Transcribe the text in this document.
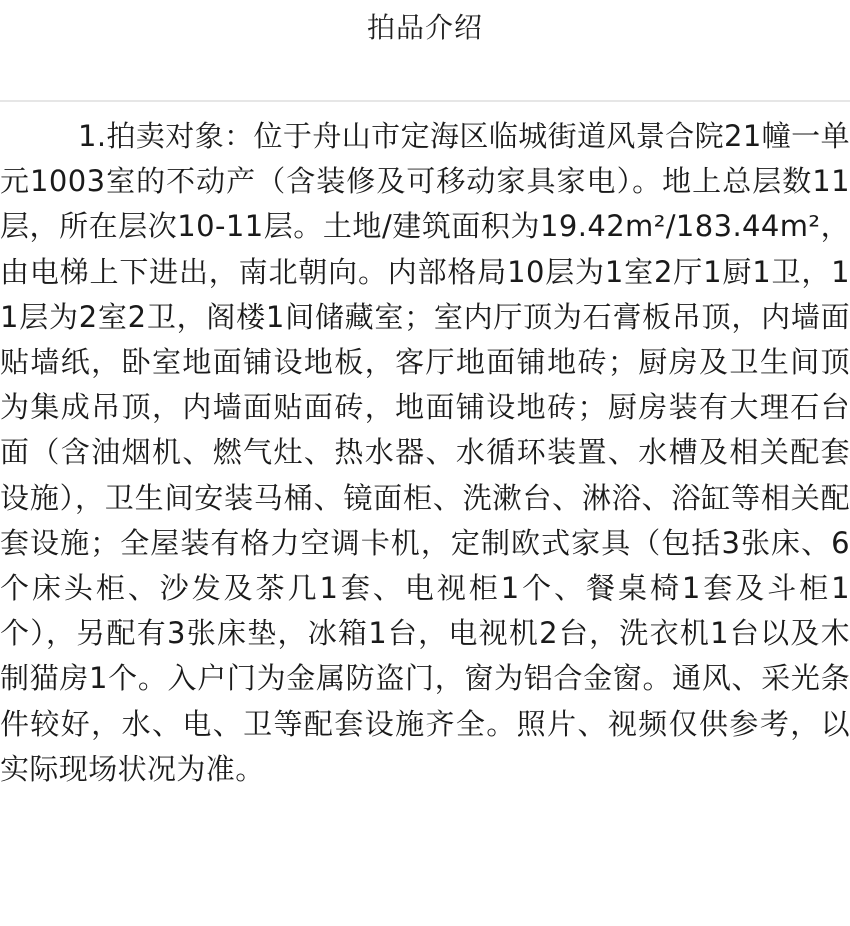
拍品介绍

1.拍卖对象：位于舟山市定海区临城街道风景合院21幢一单元1003室的不动产（含装修及可移动家具家电）。地上总层数11层，所在层次10-11层。土地/建筑面积为19.42m²/183.44m²，由电梯上下进出，南北朝向。内部格局10层为1室2厅1厨1卫，11层为2室2卫，阁楼1间储藏室；室内厅顶为石膏板吊顶，内墙面贴墙纸，卧室地面铺设地板，客厅地面铺地砖；厨房及卫生间顶为集成吊顶，内墙面贴面砖，地面铺设地砖；厨房装有大理石台面（含油烟机、燃气灶、热水器、水循环装置、水槽及相关配套设施），卫生间安装马桶、镜面柜、洗漱台、淋浴、浴缸等相关配套设施；全屋装有格力空调卡机，定制欧式家具（包括3张床、6个床头柜、沙发及茶几1套、电视柜1个、餐桌椅1套及斗柜1个），另配有3张床垫，冰箱1台，电视机2台，洗衣机1台以及木制猫房1个。入户门为金属防盗门，窗为铝合金窗。通风、采光条件较好，水、电、卫等配套设施齐全。照片、视频仅供参考，以实际现场状况为准。
